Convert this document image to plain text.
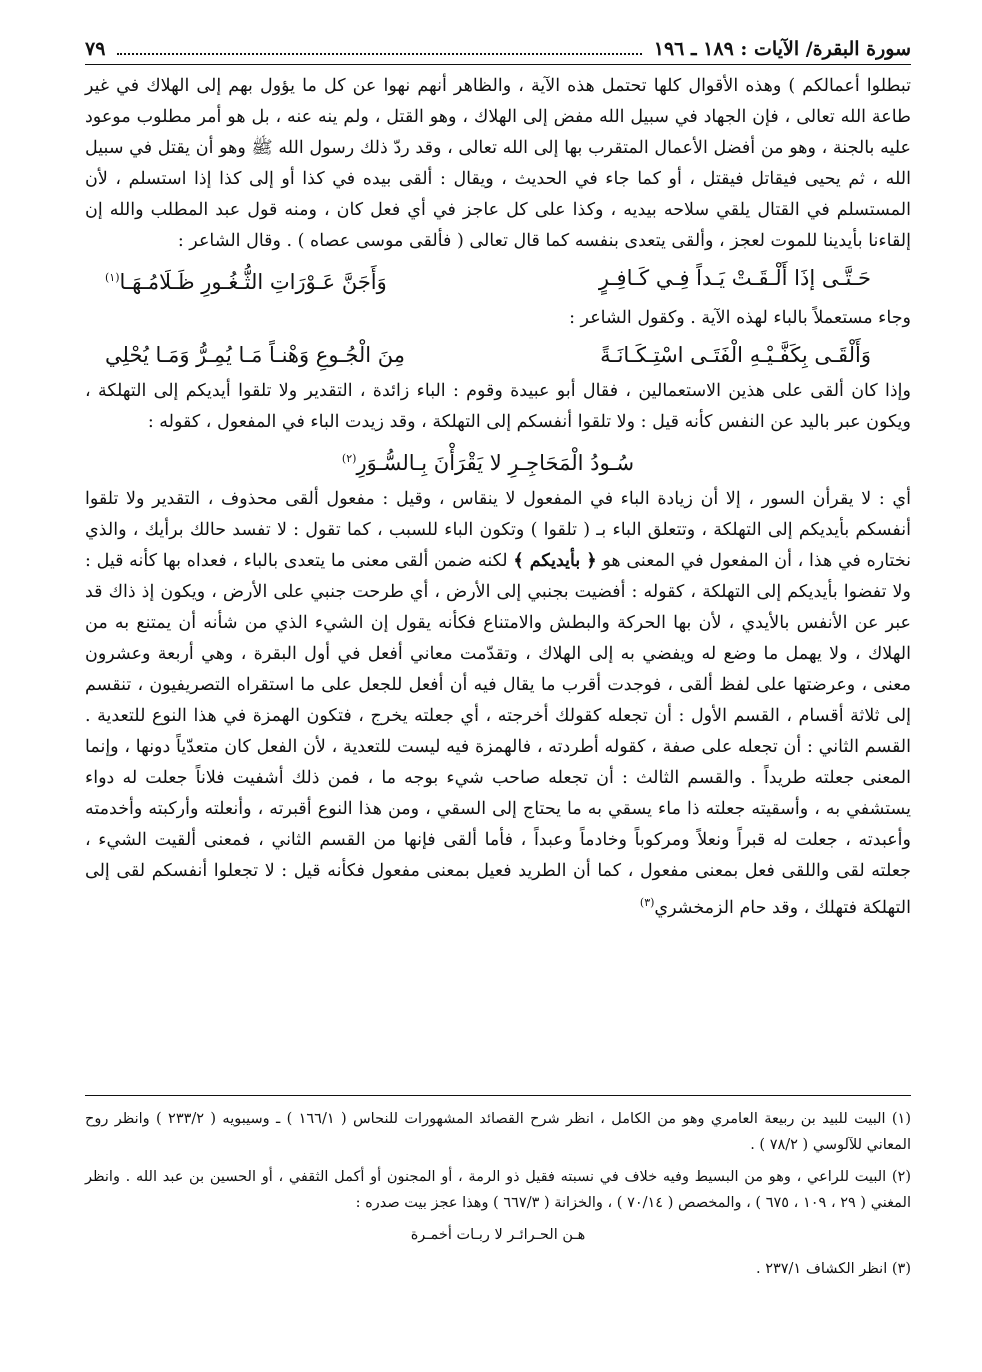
سورة البقرة/ الآيات : ١٨٩ ـ ١٩٦
٧٩

تبطلوا أعمالكم ) وهذه الأقوال كلها تحتمل هذه الآية ، والظاهر أنهم نهوا عن كل ما يؤول بهم إلى الهلاك في غير طاعة الله تعالى ، فإن الجهاد في سبيل الله مفض إلى الهلاك ، وهو القتل ، ولم ينه عنه ، بل هو أمر مطلوب موعود عليه بالجنة ، وهو من أفضل الأعمال المتقرب بها إلى الله تعالى ، وقد ردّ ذلك رسول الله ﷺ وهو أن يقتل في سبيل الله ، ثم يحيى فيقاتل فيقتل ، أو كما جاء في الحديث ، ويقال : ألقى بيده في كذا أو إلى كذا إذا استسلم ، لأن المستسلم في القتال يلقي سلاحه بيديه ، وكذا على كل عاجز في أي فعل كان ، ومنه قول عبد المطلب والله إن إلقاءنا بأيدينا للموت لعجز ، وألقى يتعدى بنفسه كما قال تعالى ( فألقى موسى عصاه ) . وقال الشاعر :

حَـتَّـى إذَا أَلْـقَـتْ يَـداً فِـي كَـافِـرٍ
وَأَجَنَّ عَـوْرَاتِ الثُّـغُـورِ ظَـلَامُـهَـا$^{(١)}$

وجاء مستعملاً بالباء لهذه الآية . وكقول الشاعر :

وَأَلْقَـى بِكَفَّـيْـهِ الْفَتَـى اسْتِـكَـانَـةً
مِنَ الْجُـوعِ وَهْنـاً مَـا يُمِـرُّ وَمَـا يُحْلِي

وإذا كان ألقى على هذين الاستعمالين ، فقال أبو عبيدة وقوم : الباء زائدة ، التقدير ولا تلقوا أيديكم إلى التهلكة ، ويكون عبر باليد عن النفس كأنه قيل : ولا تلقوا أنفسكم إلى التهلكة ، وقد زيدت الباء في المفعول ، كقوله :

سُـودُ الْمَحَاجِـرِ لا يَقْرَأْنَ بِـالسُّـوَرِ$^{(٢)}$

أي : لا يقرأن السور ، إلا أن زيادة الباء في المفعول لا ينقاس ، وقيل : مفعول ألقى محذوف ، التقدير ولا تلقوا أنفسكم بأيديكم إلى التهلكة ، وتتعلق الباء بـ ( تلقوا ) وتكون الباء للسبب ، كما تقول : لا تفسد حالك برأيك ، والذي نختاره في هذا ، أن المفعول في المعنى هو ﴿ بأيديكم ﴾ لكنه ضمن ألقى معنى ما يتعدى بالباء ، فعداه بها كأنه قيل : ولا تفضوا بأيديكم إلى التهلكة ، كقوله : أفضيت بجنبي إلى الأرض ، أي طرحت جنبي على الأرض ، ويكون إذ ذاك قد عبر عن الأنفس بالأيدي ، لأن بها الحركة والبطش والامتناع فكأنه يقول إن الشيء الذي من شأنه أن يمتنع به من الهلاك ، ولا يهمل ما وضع له ويفضي به إلى الهلاك ، وتقدّمت معاني أفعل في أول البقرة ، وهي أربعة وعشرون معنى ، وعرضتها على لفظ ألقى ، فوجدت أقرب ما يقال فيه أن أفعل للجعل على ما استقراه التصريفيون ، تنقسم إلى ثلاثة أقسام ، القسم الأول : أن تجعله كقولك أخرجته ، أي جعلته يخرج ، فتكون الهمزة في هذا النوع للتعدية . القسم الثاني : أن تجعله على صفة ، كقوله أطردته ، فالهمزة فيه ليست للتعدية ، لأن الفعل كان متعدّياً دونها ، وإنما المعنى جعلته طريداً . والقسم الثالث : أن تجعله صاحب شيء بوجه ما ، فمن ذلك أشفيت فلاناً جعلت له دواء يستشفي به ، وأسقيته جعلته ذا ماء يسقي به ما يحتاج إلى السقي ، ومن هذا النوع أقبرته ، وأنعلته وأركبته وأخدمته وأعبدته ، جعلت له قبراً ونعلاً ومركوباً وخادماً وعبداً ، فأما ألقى فإنها من القسم الثاني ، فمعنى ألقيت الشيء ، جعلته لقى واللقى فعل بمعنى مفعول ، كما أن الطريد فعيل بمعنى مفعول فكأنه قيل : لا تجعلوا أنفسكم لقى إلى التهلكة فتهلك ، وقد حام الزمخشري$^{(٣)}$

(١) البيت للبيد بن ربيعة العامري وهو من الكامل ، انظر شرح القصائد المشهورات للنحاس ( ١٦٦/١ ) ـ وسيبويه ( ٢٣٣/٢ ) وانظر روح المعاني للآلوسي ( ٧٨/٢ ) .

(٢) البيت للراعي ، وهو من البسيط وفيه خلاف في نسبته فقيل ذو الرمة ، أو المجنون أو أكمل الثقفي ، أو الحسين بن عبد الله . وانظر المغني ( ٢٩ ، ١٠٩ ، ٦٧٥ ) ، والمخصص ( ٧٠/١٤ ) ، والخزانة ( ٦٦٧/٣ ) وهذا عجز بيت صدره :

هـن الحـرائـر لا ربـات أخمـرة

(٣) انظر الكشاف ٢٣٧/١ .
